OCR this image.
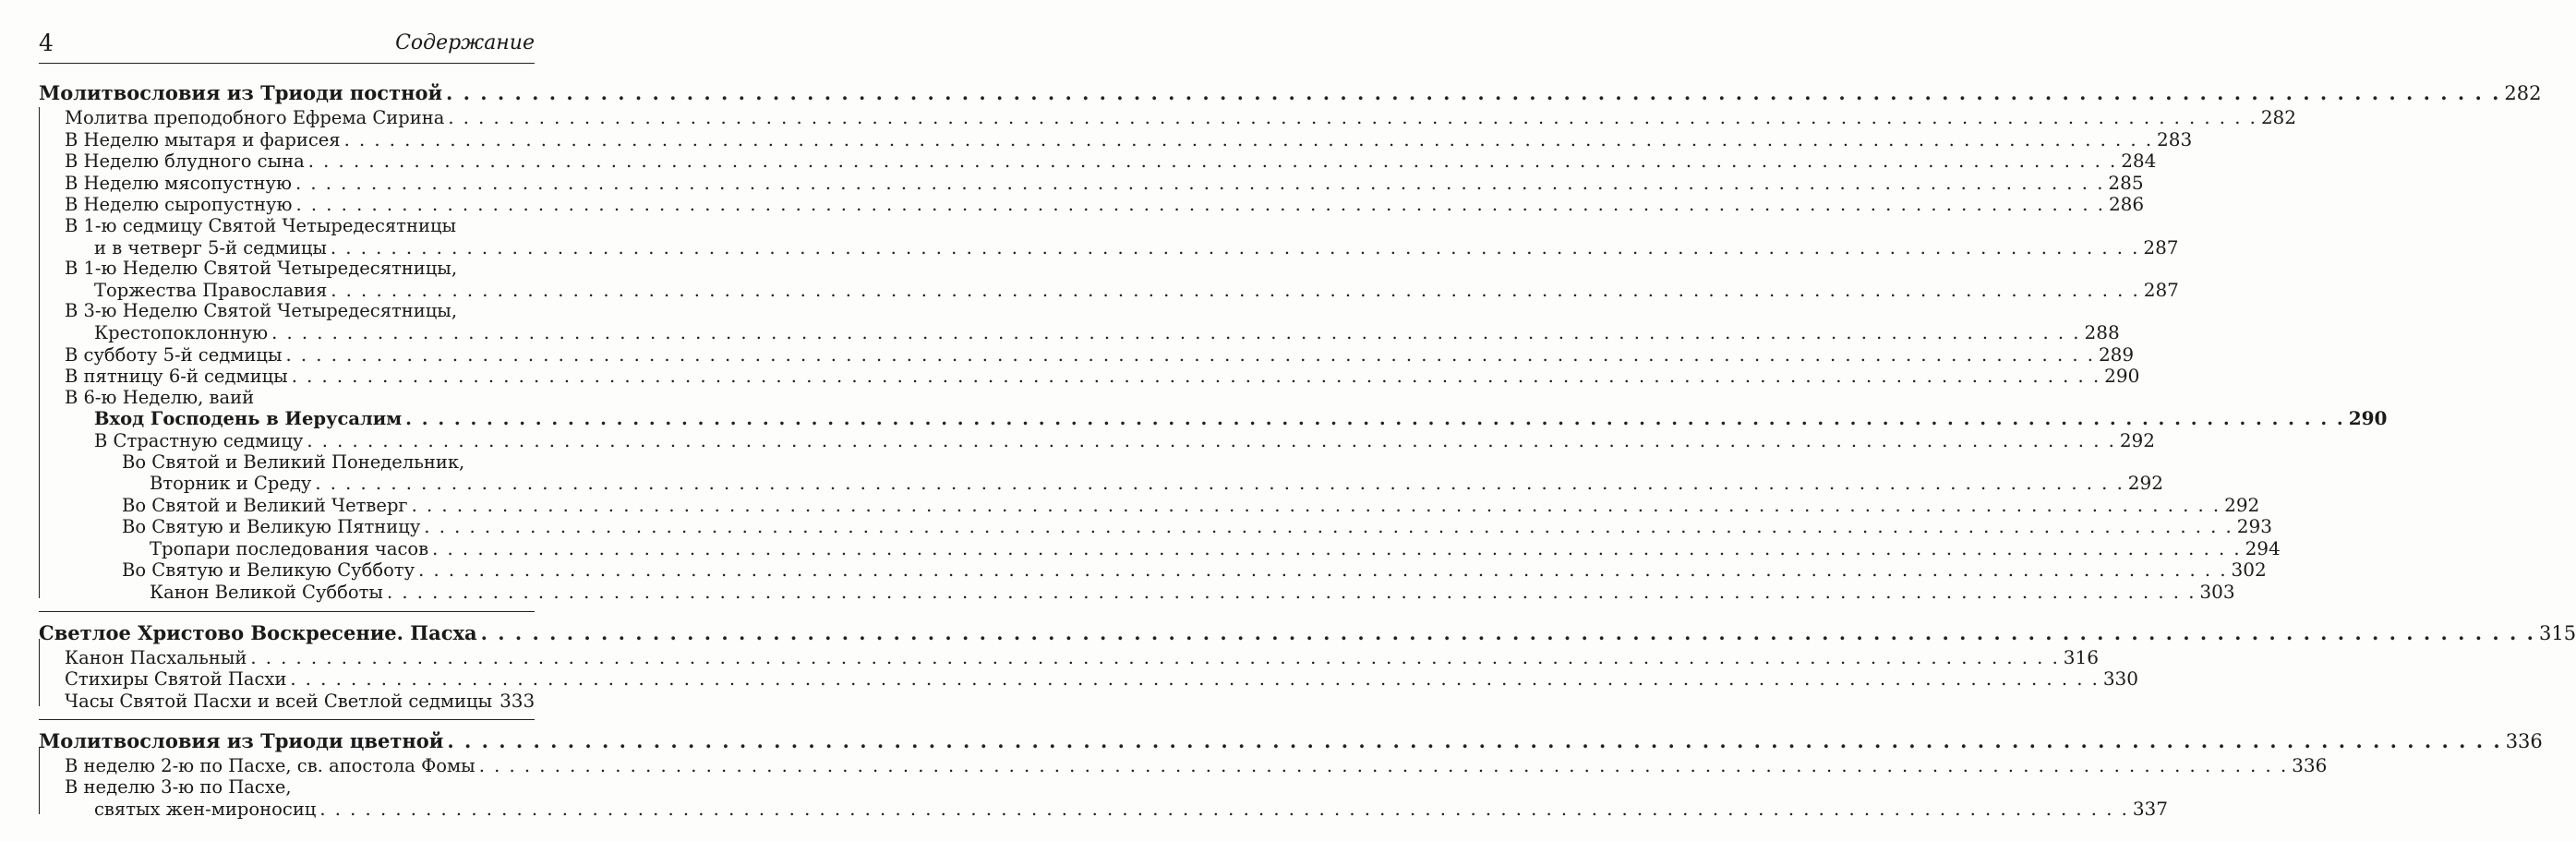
4	Содержание
Молитвословия из Триоди постной . . . . . . . . . . . . . . . . . . . . . . . . . . . . . . . . . . . . . . . . . . . . . . . . . . . . . . . . . . . . . . . . . . . . . . . . . . . . . . . . . . . . . . . . . . . . . . . . . . . . . . . . . . . . . . . . . . . . . . . . 282
Молитва преподобного Ефрема Сирина . . . . . . . . . . . . . . . . . . . . . . . . . . . . . . . . . . . . . . . . . . . . . . . . . . . . . . . . . . . . . . . . . . . . . . . . . . . . . . . . . . . . . . . . . . . . . . . . . . . . . . . . . . . . . . . . . . . . . . . . 282
В Неделю мытаря и фарисея . . . . . . . . . . . . . . . . . . . . . . . . . . . . . . . . . . . . . . . . . . . . . . . . . . . . . . . . . . . . . . . . . . . . . . . . . . . . . . . . . . . . . . . . . . . . . . . . . . . . . . . . . . . . . . . . . . . . . . . . 283
В Неделю блудного сына . . . . . . . . . . . . . . . . . . . . . . . . . . . . . . . . . . . . . . . . . . . . . . . . . . . . . . . . . . . . . . . . . . . . . . . . . . . . . . . . . . . . . . . . . . . . . . . . . . . . . . . . . . . . . . . . . . . . . . . . 284
В Неделю мясопустную . . . . . . . . . . . . . . . . . . . . . . . . . . . . . . . . . . . . . . . . . . . . . . . . . . . . . . . . . . . . . . . . . . . . . . . . . . . . . . . . . . . . . . . . . . . . . . . . . . . . . . . . . . . . . . . . . . . . . . . . 285
В Неделю сыропустную . . . . . . . . . . . . . . . . . . . . . . . . . . . . . . . . . . . . . . . . . . . . . . . . . . . . . . . . . . . . . . . . . . . . . . . . . . . . . . . . . . . . . . . . . . . . . . . . . . . . . . . . . . . . . . . . . . . . . . . . 286
В 1-ю седмицу Святой Четыредесятницы
и в четверг 5-й седмицы . . . . . . . . . . . . . . . . . . . . . . . . . . . . . . . . . . . . . . . . . . . . . . . . . . . . . . . . . . . . . . . . . . . . . . . . . . . . . . . . . . . . . . . . . . . . . . . . . . . . . . . . . . . . . . . . . . . . . . . . 287
В 1-ю Неделю Святой Четыредесятницы,
Торжества Православия . . . . . . . . . . . . . . . . . . . . . . . . . . . . . . . . . . . . . . . . . . . . . . . . . . . . . . . . . . . . . . . . . . . . . . . . . . . . . . . . . . . . . . . . . . . . . . . . . . . . . . . . . . . . . . . . . . . . . . . . 287
В 3-ю Неделю Святой Четыредесятницы,
Крестопоклонную . . . . . . . . . . . . . . . . . . . . . . . . . . . . . . . . . . . . . . . . . . . . . . . . . . . . . . . . . . . . . . . . . . . . . . . . . . . . . . . . . . . . . . . . . . . . . . . . . . . . . . . . . . . . . . . . . . . . . . . . 288
В субботу 5-й седмицы . . . . . . . . . . . . . . . . . . . . . . . . . . . . . . . . . . . . . . . . . . . . . . . . . . . . . . . . . . . . . . . . . . . . . . . . . . . . . . . . . . . . . . . . . . . . . . . . . . . . . . . . . . . . . . . . . . . . . . . . 289
В пятницу 6-й седмицы . . . . . . . . . . . . . . . . . . . . . . . . . . . . . . . . . . . . . . . . . . . . . . . . . . . . . . . . . . . . . . . . . . . . . . . . . . . . . . . . . . . . . . . . . . . . . . . . . . . . . . . . . . . . . . . . . . . . . . . . 290
В 6-ю Неделю, ваий
Вход Господень в Иерусалим . . . . . . . . . . . . . . . . . . . . . . . . . . . . . . . . . . . . . . . . . . . . . . . . . . . . . . . . . . . . . . . . . . . . . . . . . . . . . . . . . . . . . . . . . . . . . . . . . . . . . . . . . . . . . . . . . . . . . . . . 290
В Страстную седмицу . . . . . . . . . . . . . . . . . . . . . . . . . . . . . . . . . . . . . . . . . . . . . . . . . . . . . . . . . . . . . . . . . . . . . . . . . . . . . . . . . . . . . . . . . . . . . . . . . . . . . . . . . . . . . . . . . . . . . . . . 292
Во Святой и Великий Понедельник,
Вторник и Среду . . . . . . . . . . . . . . . . . . . . . . . . . . . . . . . . . . . . . . . . . . . . . . . . . . . . . . . . . . . . . . . . . . . . . . . . . . . . . . . . . . . . . . . . . . . . . . . . . . . . . . . . . . . . . . . . . . . . . . . . 292
Во Святой и Великий Четверг . . . . . . . . . . . . . . . . . . . . . . . . . . . . . . . . . . . . . . . . . . . . . . . . . . . . . . . . . . . . . . . . . . . . . . . . . . . . . . . . . . . . . . . . . . . . . . . . . . . . . . . . . . . . . . . . . . . . . . . . 292
Во Святую и Великую Пятницу . . . . . . . . . . . . . . . . . . . . . . . . . . . . . . . . . . . . . . . . . . . . . . . . . . . . . . . . . . . . . . . . . . . . . . . . . . . . . . . . . . . . . . . . . . . . . . . . . . . . . . . . . . . . . . . . . . . . . . . . 293
Тропари последования часов . . . . . . . . . . . . . . . . . . . . . . . . . . . . . . . . . . . . . . . . . . . . . . . . . . . . . . . . . . . . . . . . . . . . . . . . . . . . . . . . . . . . . . . . . . . . . . . . . . . . . . . . . . . . . . . . . . . . . . . . 294
Во Святую и Великую Субботу . . . . . . . . . . . . . . . . . . . . . . . . . . . . . . . . . . . . . . . . . . . . . . . . . . . . . . . . . . . . . . . . . . . . . . . . . . . . . . . . . . . . . . . . . . . . . . . . . . . . . . . . . . . . . . . . . . . . . . . . 302
Канон Великой Субботы . . . . . . . . . . . . . . . . . . . . . . . . . . . . . . . . . . . . . . . . . . . . . . . . . . . . . . . . . . . . . . . . . . . . . . . . . . . . . . . . . . . . . . . . . . . . . . . . . . . . . . . . . . . . . . . . . . . . . . . . 303
Светлое Христово Воскресение. Пасха . . . . . . . . . . . . . . . . . . . . . . . . . . . . . . . . . . . . . . . . . . . . . . . . . . . . . . . . . . . . . . . . . . . . . . . . . . . . . . . . . . . . . . . . . . . . . . . . . . . . . . . . . . . . . . . . . . . . . . . . 315
Канон Пасхальный . . . . . . . . . . . . . . . . . . . . . . . . . . . . . . . . . . . . . . . . . . . . . . . . . . . . . . . . . . . . . . . . . . . . . . . . . . . . . . . . . . . . . . . . . . . . . . . . . . . . . . . . . . . . . . . . . . . . . . . . 316
Стихиры Святой Пасхи . . . . . . . . . . . . . . . . . . . . . . . . . . . . . . . . . . . . . . . . . . . . . . . . . . . . . . . . . . . . . . . . . . . . . . . . . . . . . . . . . . . . . . . . . . . . . . . . . . . . . . . . . . . . . . . . . . . . . . . . 330
Часы Святой Пасхи и всей Светлой седмицы 333
Молитвословия из Триоди цветной . . . . . . . . . . . . . . . . . . . . . . . . . . . . . . . . . . . . . . . . . . . . . . . . . . . . . . . . . . . . . . . . . . . . . . . . . . . . . . . . . . . . . . . . . . . . . . . . . . . . . . . . . . . . . . . . . . . . . . . . 336
В неделю 2-ю по Пасхе, св. апостола Фомы . . . . . . . . . . . . . . . . . . . . . . . . . . . . . . . . . . . . . . . . . . . . . . . . . . . . . . . . . . . . . . . . . . . . . . . . . . . . . . . . . . . . . . . . . . . . . . . . . . . . . . . . . . . . . . . . . . . . . . . . 336
В неделю 3-ю по Пасхе,
святых жен-мироносиц . . . . . . . . . . . . . . . . . . . . . . . . . . . . . . . . . . . . . . . . . . . . . . . . . . . . . . . . . . . . . . . . . . . . . . . . . . . . . . . . . . . . . . . . . . . . . . . . . . . . . . . . . . . . . . . . . . . . . . . . 337
